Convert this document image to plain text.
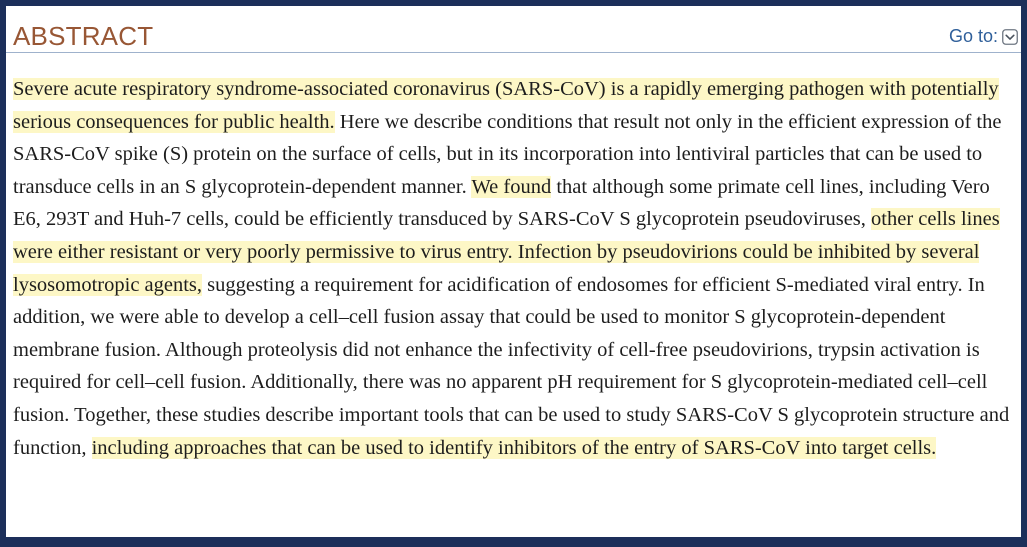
ABSTRACT	Go to:

Severe acute respiratory syndrome-associated coronavirus (SARS-CoV) is a rapidly emerging pathogen with potentially serious consequences for public health. Here we describe conditions that result not only in the efficient expression of the SARS-CoV spike (S) protein on the surface of cells, but in its incorporation into lentiviral particles that can be used to transduce cells in an S glycoprotein-dependent manner. We found that although some primate cell lines, including Vero E6, 293T and Huh-7 cells, could be efficiently transduced by SARS-CoV S glycoprotein pseudoviruses, other cells lines were either resistant or very poorly permissive to virus entry. Infection by pseudovirions could be inhibited by several lysosomotropic agents, suggesting a requirement for acidification of endosomes for efficient S-mediated viral entry. In addition, we were able to develop a cell–cell fusion assay that could be used to monitor S glycoprotein-dependent membrane fusion. Although proteolysis did not enhance the infectivity of cell-free pseudovirions, trypsin activation is required for cell–cell fusion. Additionally, there was no apparent pH requirement for S glycoprotein-mediated cell–cell fusion. Together, these studies describe important tools that can be used to study SARS-CoV S glycoprotein structure and function, including approaches that can be used to identify inhibitors of the entry of SARS-CoV into target cells.
